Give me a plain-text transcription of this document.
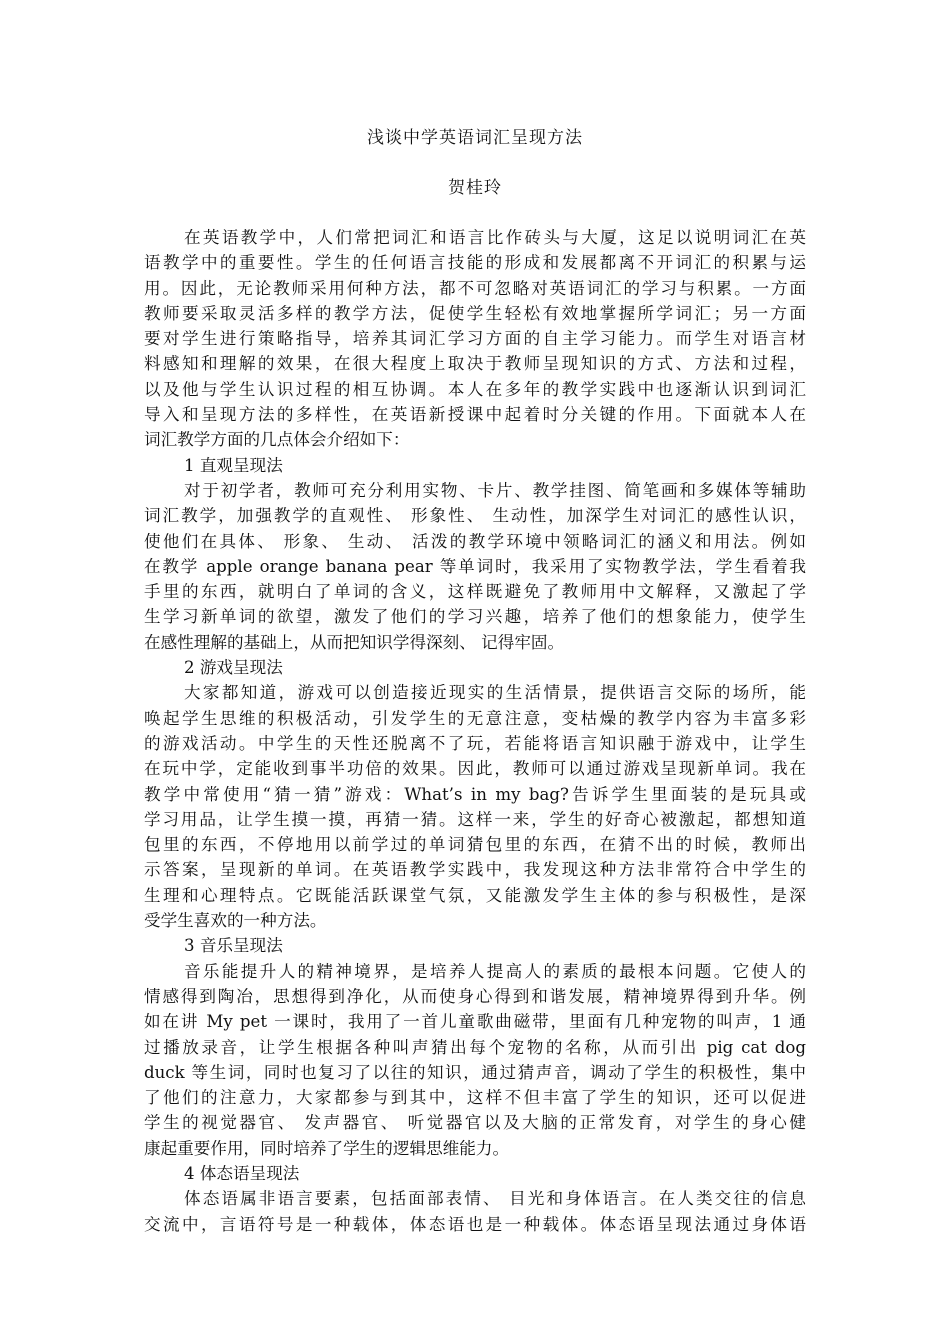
浅谈中学英语词汇呈现方法
贺桂玲
在英语教学中，人们常把词汇和语言比作砖头与大厦，这足以说明词汇在英
语教学中的重要性。学生的任何语言技能的形成和发展都离不开词汇的积累与运
用。因此，无论教师采用何种方法，都不可忽略对英语词汇的学习与积累。一方面
教师要采取灵活多样的教学方法，促使学生轻松有效地掌握所学词汇；另一方面
要对学生进行策略指导，培养其词汇学习方面的自主学习能力。而学生对语言材
料感知和理解的效果，在很大程度上取决于教师呈现知识的方式、方法和过程，
以及他与学生认识过程的相互协调。本人在多年的教学实践中也逐渐认识到词汇
导入和呈现方法的多样性，在英语新授课中起着时分关键的作用。下面就本人在
词汇教学方面的几点体会介绍如下：
1 直观呈现法
对于初学者，教师可充分利用实物、卡片、教学挂图、简笔画和多媒体等辅助
词汇教学，加强教学的直观性、 形象性、 生动性，加深学生对词汇的感性认识，
使他们在具体、 形象、 生动、 活泼的教学环境中领略词汇的涵义和用法。例如
在教学 apple orange banana pear 等单词时，我采用了实物教学法，学生看着我
手里的东西，就明白了单词的含义，这样既避免了教师用中文解释，又激起了学
生学习新单词的欲望，激发了他们的学习兴趣，培养了他们的想象能力，使学生
在感性理解的基础上，从而把知识学得深刻、 记得牢固。
2 游戏呈现法
大家都知道，游戏可以创造接近现实的生活情景，提供语言交际的场所，能
唤起学生思维的积极活动，引发学生的无意注意，变枯燥的教学内容为丰富多彩
的游戏活动。中学生的天性还脱离不了玩，若能将语言知识融于游戏中，让学生
在玩中学，定能收到事半功倍的效果。因此，教师可以通过游戏呈现新单词。我在
教学中常使用“猜一猜”游戏：What’s in my bag?告诉学生里面装的是玩具或
学习用品，让学生摸一摸，再猜一猜。这样一来，学生的好奇心被激起，都想知道
包里的东西，不停地用以前学过的单词猜包里的东西，在猜不出的时候，教师出
示答案，呈现新的单词。在英语教学实践中，我发现这种方法非常符合中学生的
生理和心理特点。它既能活跃课堂气氛，又能激发学生主体的参与积极性，是深
受学生喜欢的一种方法。
3 音乐呈现法
音乐能提升人的精神境界，是培养人提高人的素质的最根本问题。它使人的
情感得到陶冶，思想得到净化，从而使身心得到和谐发展，精神境界得到升华。例
如在讲 My pet 一课时，我用了一首儿童歌曲磁带，里面有几种宠物的叫声，1 通
过播放录音，让学生根据各种叫声猜出每个宠物的名称，从而引出 pig cat dog
duck 等生词，同时也复习了以往的知识，通过猜声音，调动了学生的积极性，集中
了他们的注意力，大家都参与到其中，这样不但丰富了学生的知识，还可以促进
学生的视觉器官、 发声器官、 听觉器官以及大脑的正常发育，对学生的身心健
康起重要作用，同时培养了学生的逻辑思维能力。
4 体态语呈现法
体态语属非语言要素，包括面部表情、 目光和身体语言。在人类交往的信息
交流中，言语符号是一种载体，体态语也是一种载体。体态语呈现法通过身体语
